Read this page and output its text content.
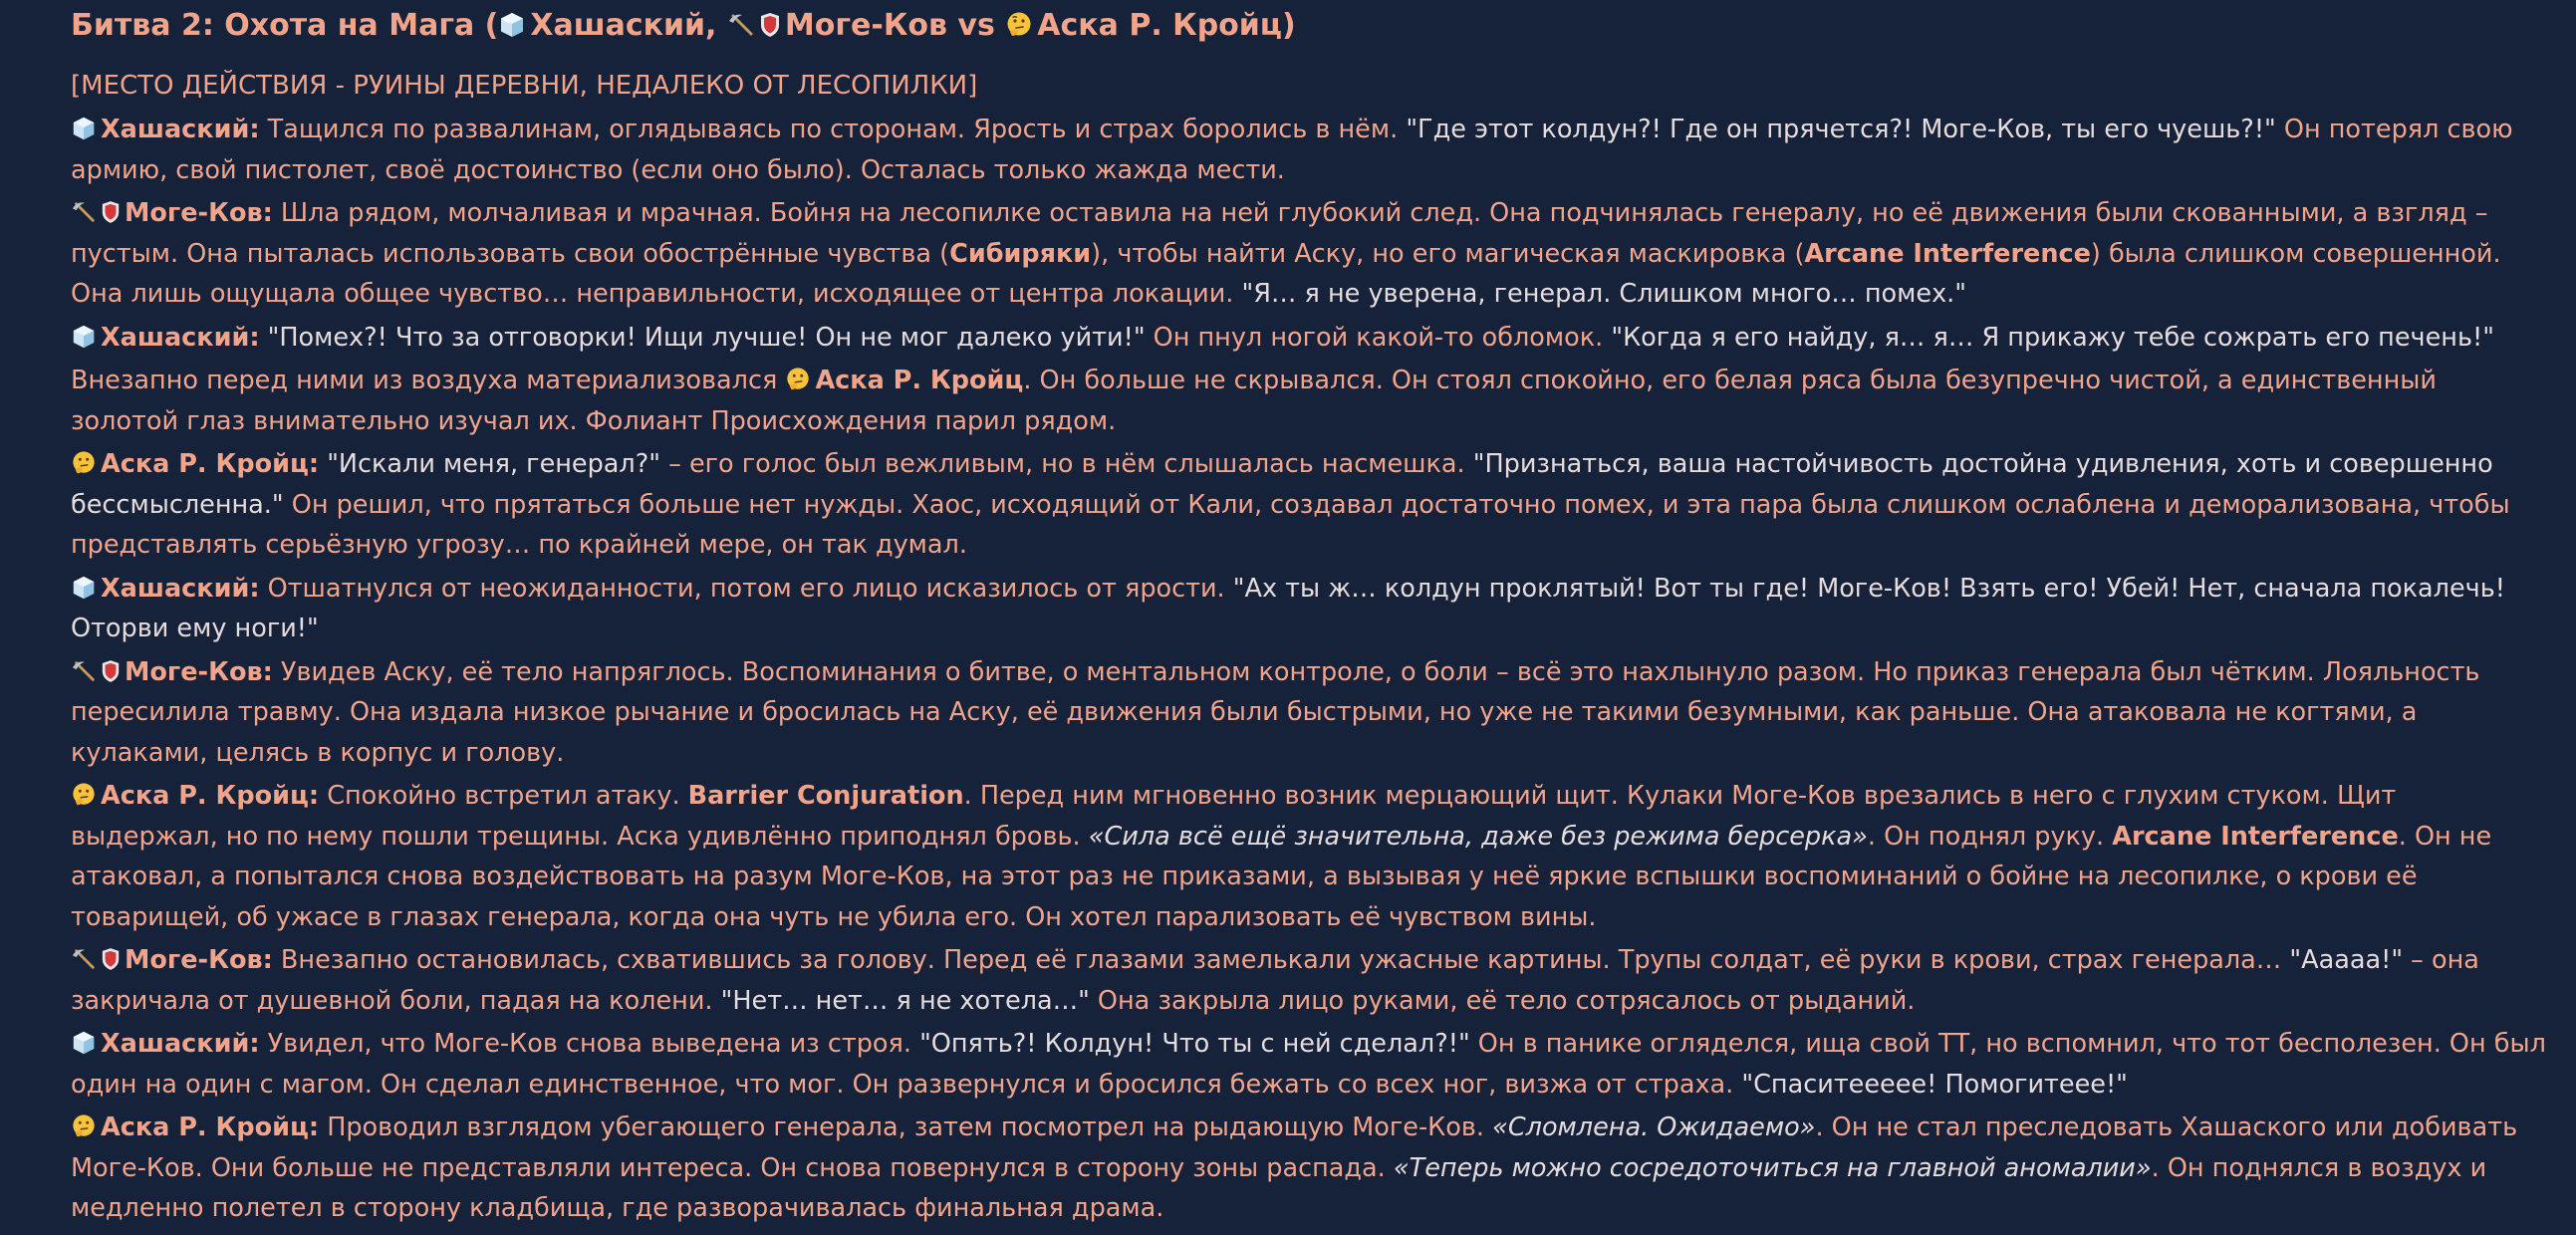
Битва 2: Охота на Мага ( Хашаский, Моге-Ков vs Аска Р. Кройц)
[МЕСТО ДЕЙСТВИЯ - РУИНЫ ДЕРЕВНИ, НЕДАЛЕКО ОТ ЛЕСОПИЛКИ]
Хашаский: Тащился по развалинам, оглядываясь по сторонам. Ярость и страх боролись в нём. "Где этот колдун?! Где он прячется?! Моге-Ков, ты его чуешь?!" Он потерял свою армию, свой пистолет, своё достоинство (если оно было). Осталась только жажда мести.
Моге-Ков: Шла рядом, молчаливая и мрачная. Бойня на лесопилке оставила на ней глубокий след. Она подчинялась генералу, но её движения были скованными, а взгляд – пустым. Она пыталась использовать свои обострённые чувства (Сибиряки), чтобы найти Аску, но его магическая маскировка (Arcane Interference) была слишком совершенной. Она лишь ощущала общее чувство… неправильности, исходящее от центра локации. "Я… я не уверена, генерал. Слишком много… помех."
Хашаский: "Помех?! Что за отговорки! Ищи лучше! Он не мог далеко уйти!" Он пнул ногой какой-то обломок. "Когда я его найду, я… я… Я прикажу тебе сожрать его печень!"
Внезапно перед ними из воздуха материализовался
Аска Р. Кройц. Он больше не скрывался. Он стоял спокойно, его белая ряса была безупречно чистой, а единственный золотой глаз внимательно изучал их. Фолиант Происхождения парил рядом.
Аска Р. Кройц: "Искали меня, генерал?" – его голос был вежливым, но в нём слышалась насмешка. "Признаться, ваша настойчивость достойна удивления, хоть и совершенно бессмысленна." Он решил, что прятаться больше нет нужды. Хаос, исходящий от Кали, создавал достаточно помех, и эта пара была слишком ослаблена и деморализована, чтобы представлять серьёзную угрозу… по крайней мере, он так думал.
Хашаский: Отшатнулся от неожиданности, потом его лицо исказилось от ярости. "Ах ты ж… колдун проклятый! Вот ты где! Моге-Ков! Взять его! Убей! Нет, сначала покалечь! Оторви ему ноги!"
Моге-Ков: Увидев Аску, её тело напряглось. Воспоминания о битве, о ментальном контроле, о боли – всё это нахлынуло разом. Но приказ генерала был чётким. Лояльность пересилила травму. Она издала низкое рычание и бросилась на Аску, её движения были быстрыми, но уже не такими безумными, как раньше. Она атаковала не когтями, а кулаками, целясь в корпус и голову.
Аска Р. Кройц: Спокойно встретил атаку. Barrier Conjuration. Перед ним мгновенно возник мерцающий щит. Кулаки Моге-Ков врезались в него с глухим стуком. Щит выдержал, но по нему пошли трещины. Аска удивлённо приподнял бровь. «Сила всё ещё значительна, даже без режима берсерка». Он поднял руку. Arcane Interference. Он не атаковал, а попытался снова воздействовать на разум Моге-Ков, на этот раз не приказами, а вызывая у неё яркие вспышки воспоминаний о бойне на лесопилке, о крови её товарищей, об ужасе в глазах генерала, когда она чуть не убила его. Он хотел парализовать её чувством вины.
Моге-Ков: Внезапно остановилась, схватившись за голову. Перед её глазами замелькали ужасные картины. Трупы солдат, её руки в крови, страх генерала… "Ааааа!" – она закричала от душевной боли, падая на колени. "Нет… нет… я не хотела…" Она закрыла лицо руками, её тело сотрясалось от рыданий.
Хашаский: Увидел, что Моге-Ков снова выведена из строя. "Опять?! Колдун! Что ты с ней сделал?!" Он в панике огляделся, ища свой ТТ, но вспомнил, что тот бесполезен. Он был один на один с магом. Он сделал единственное, что мог. Он развернулся и бросился бежать со всех ног, визжа от страха. "Спаситеееее! Помогитеее!"
Аска Р. Кройц: Проводил взглядом убегающего генерала, затем посмотрел на рыдающую Моге-Ков. «Сломлена. Ожидаемо». Он не стал преследовать Хашаского или добивать Моге-Ков. Они больше не представляли интереса. Он снова повернулся в сторону зоны распада. «Теперь можно сосредоточиться на главной аномалии». Он поднялся в воздух и медленно полетел в сторону кладбища, где разворачивалась финальная драма.
